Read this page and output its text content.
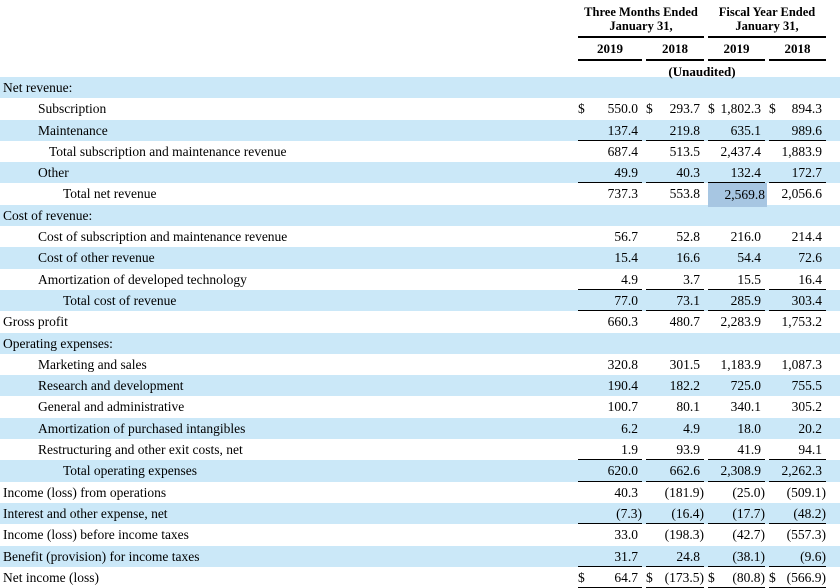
Three Months Ended
January 31,
Fiscal Year Ended
January 31,
2019	2018	2019	2018
(Unaudited)
Net revenue:
Subscription	$	550.0 $	293.7 $ 1,802.3 $	894.3
Maintenance	137.4	219.8	635.1	989.6
Total subscription and maintenance revenue	687.4	513.5	2,437.4	1,883.9
Other	49.9	40.3	132.4	172.7
Total net revenue	737.3	553.8	2,569.8	2,056.6
Cost of revenue:
Cost of subscription and maintenance revenue	56.7	52.8	216.0	214.4
Cost of other revenue	15.4	16.6	54.4	72.6
Amortization of developed technology	4.9	3.7	15.5	16.4
Total cost of revenue	77.0	73.1	285.9	303.4
Gross profit	660.3	480.7	2,283.9	1,753.2
Operating expenses:
Marketing and sales	320.8	301.5	1,183.9	1,087.3
Research and development	190.4	182.2	725.0	755.5
General and administrative	100.7	80.1	340.1	305.2
Amortization of purchased intangibles	6.2	4.9	18.0	20.2
Restructuring and other exit costs, net	1.9	93.9	41.9	94.1
Total operating expenses	620.0	662.6	2,308.9	2,262.3
Income (loss) from operations	40.3	(181.9)	(25.0)	(509.1)
Interest and other expense, net	(7.3)	(16.4)	(17.7)	(48.2)
Income (loss) before income taxes	33.0	(198.3)	(42.7)	(557.3)
Benefit (provision) for income taxes	31.7	24.8	(38.1)	(9.6)
Net income (loss)	$	64.7 $ (173.5) $	(80.8) $ (566.9)
